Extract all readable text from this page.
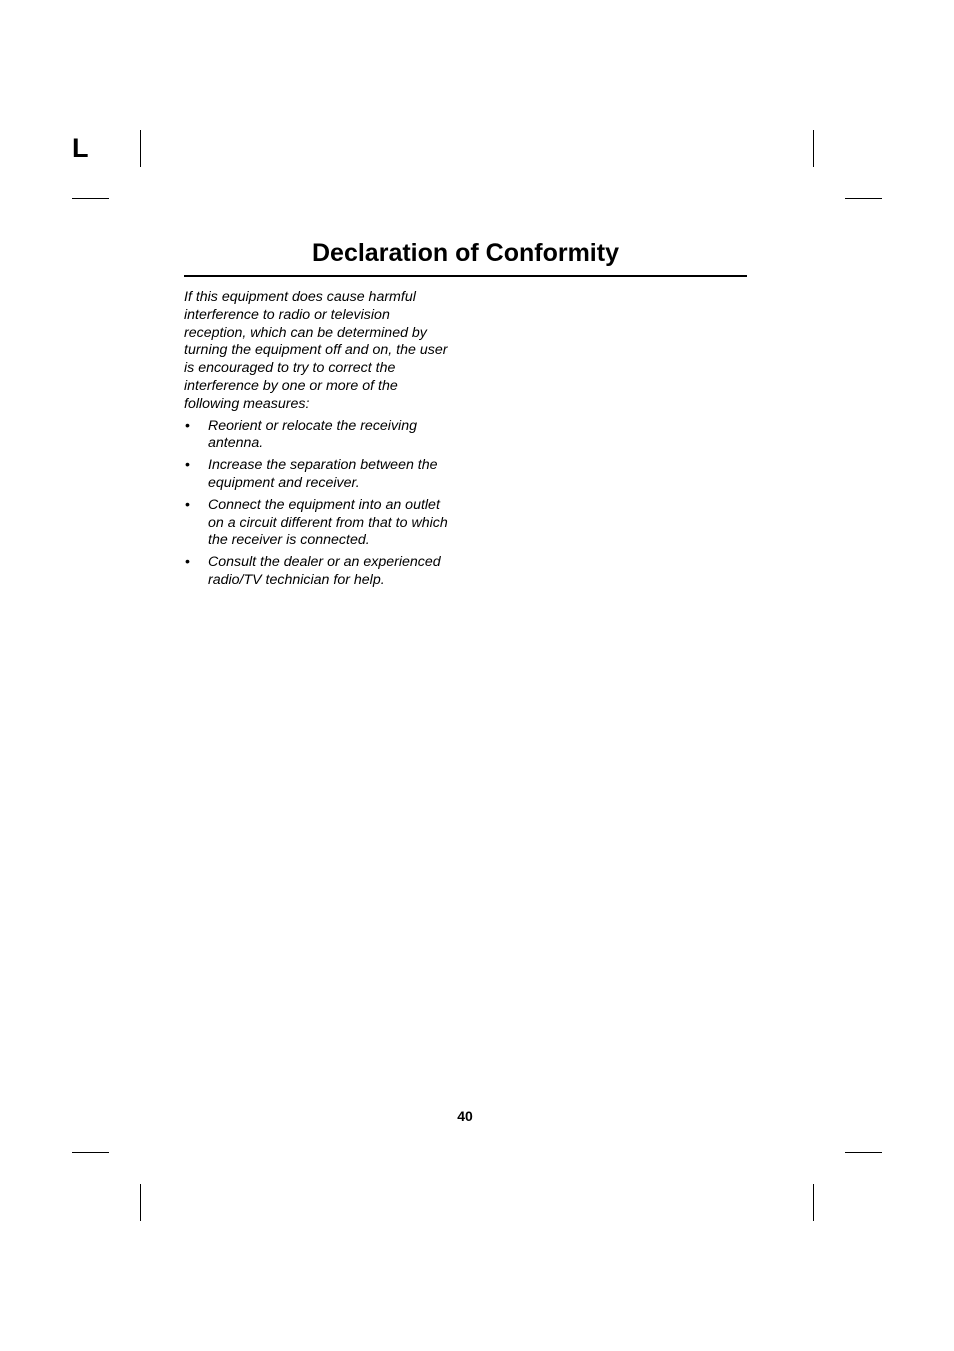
L
Declaration of Conformity

If this equipment does cause harmful
interference to radio or television
reception, which can be determined by
turning the equipment off and on, the user
is encouraged to try to correct the
interference by one or more of the
following measures:

• Reorient or relocate the receiving
antenna.
• Increase the separation between the
equipment and receiver.
• Connect the equipment into an outlet
on a circuit different from that to which
the receiver is connected.
• Consult the dealer or an experienced
radio/TV technician for help.
40
